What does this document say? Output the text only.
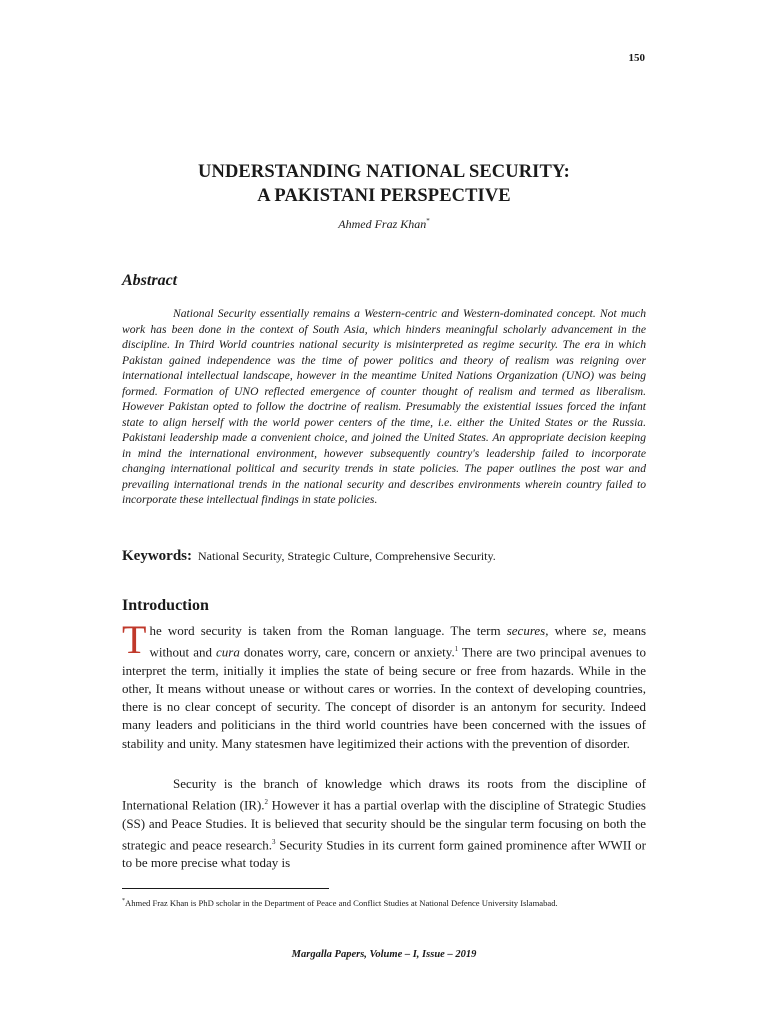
150
UNDERSTANDING NATIONAL SECURITY:
A PAKISTANI PERSPECTIVE
Ahmed Fraz Khan*
Abstract
National Security essentially remains a Western-centric and Western-dominated concept. Not much work has been done in the context of South Asia, which hinders meaningful scholarly advancement in the discipline. In Third World countries national security is misinterpreted as regime security. The era in which Pakistan gained independence was the time of power politics and theory of realism was reigning over international intellectual landscape, however in the meantime United Nations Organization (UNO) was being formed. Formation of UNO reflected emergence of counter thought of realism and termed as liberalism. However Pakistan opted to follow the doctrine of realism. Presumably the existential issues forced the infant state to align herself with the world power centers of the time, i.e. either the United States or the Russia. Pakistani leadership made a convenient choice, and joined the United States. An appropriate decision keeping in mind the international environment, however subsequently country's leadership failed to incorporate changing international political and security trends in state policies. The paper outlines the post war and prevailing international trends in the national security and describes environments wherein country failed to incorporate these intellectual findings in state policies.
Keywords: National Security, Strategic Culture, Comprehensive Security.
Introduction
The word security is taken from the Roman language. The term secures, where se, means without and cura donates worry, care, concern or anxiety.$^1$ There are two principal avenues to interpret the term, initially it implies the state of being secure or free from hazards. While in the other, It means without unease or without cares or worries. In the context of developing countries, there is no clear concept of security. The concept of disorder is an antonym for security. Indeed many leaders and politicians in the third world countries have been concerned with the issues of stability and unity. Many statesmen have legitimized their actions with the prevention of disorder.
Security is the branch of knowledge which draws its roots from the discipline of International Relation (IR).$^2$ However it has a partial overlap with the discipline of Strategic Studies (SS) and Peace Studies. It is believed that security should be the singular term focusing on both the strategic and peace research.$^3$ Security Studies in its current form gained prominence after WWII or to be more precise what today is
*Ahmed Fraz Khan is PhD scholar in the Department of Peace and Conflict Studies at National Defence University Islamabad.
Margalla Papers, Volume – I, Issue – 2019
